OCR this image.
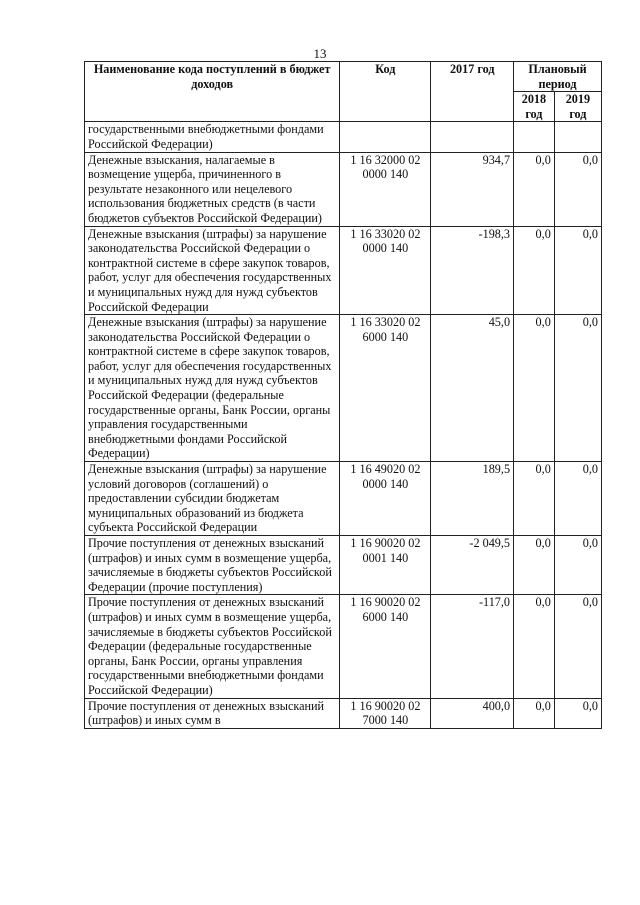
13
Наименование кода поступлений в бюджет доходов	Код	2017 год	Плановый период	
			2018 год	2019 год
государственными внебюджетными фондами Российской Федерации)				
Денежные взыскания, налагаемые в возмещение ущерба, причиненного в результате незаконного или нецелевого использования бюджетных средств (в части бюджетов субъектов Российской Федерации)	1 16 32000 02 0000 140	934,7	0,0	0,0
Денежные взыскания (штрафы) за нарушение законодательства Российской Федерации о контрактной системе в сфере закупок товаров, работ, услуг для обеспечения государственных и муниципальных нужд для нужд субъектов Российской Федерации	1 16 33020 02 0000 140	-198,3	0,0	0,0
Денежные взыскания (штрафы) за нарушение законодательства Российской Федерации о контрактной системе в сфере закупок товаров, работ, услуг для обеспечения государственных и муниципальных нужд для нужд субъектов Российской Федерации (федеральные государственные органы, Банк России, органы управления государственными внебюджетными фондами Российской Федерации)	1 16 33020 02 6000 140	45,0	0,0	0,0
Денежные взыскания (штрафы) за нарушение условий договоров (соглашений) о предоставлении субсидии бюджетам муниципальных образований из бюджета субъекта Российской Федерации	1 16 49020 02 0000 140	189,5	0,0	0,0
Прочие поступления от денежных взысканий (штрафов) и иных сумм в возмещение ущерба, зачисляемые в бюджеты субъектов Российской Федерации (прочие поступления)	1 16 90020 02 0001 140	-2 049,5	0,0	0,0
Прочие поступления от денежных взысканий (штрафов) и иных сумм в возмещение ущерба, зачисляемые в бюджеты субъектов Российской Федерации (федеральные государственные органы, Банк России, органы управления государственными внебюджетными фондами Российской Федерации)	1 16 90020 02 6000 140	-117,0	0,0	0,0
Прочие поступления от денежных взысканий (штрафов) и иных сумм в	1 16 90020 02 7000 140	400,0	0,0	0,0
